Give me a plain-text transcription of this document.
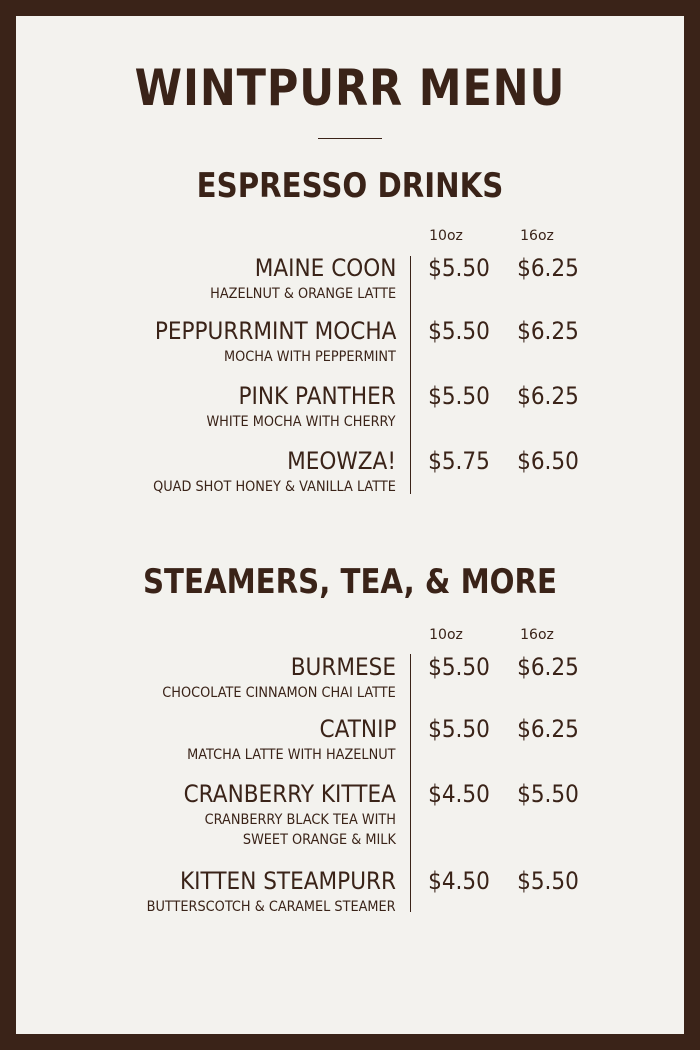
WINTPURR MENU
ESPRESSO DRINKS
10oz	16oz
MAINE COON
HAZELNUT & ORANGE LATTE
$5.50 $6.25
PEPPURRMINT MOCHA
MOCHA WITH PEPPERMINT
$5.50 $6.25
PINK PANTHER
WHITE MOCHA WITH CHERRY
$5.50 $6.25
MEOWZA!
QUAD SHOT HONEY & VANILLA LATTE
$5.75 $6.50
STEAMERS, TEA, & MORE
10oz	16oz
BURMESE
CHOCOLATE CINNAMON CHAI LATTE
$5.50 $6.25
CATNIP
MATCHA LATTE WITH HAZELNUT
$5.50 $6.25
CRANBERRY KITTEA
CRANBERRY BLACK TEA WITH
SWEET ORANGE & MILK
$4.50 $5.50
KITTEN STEAMPURR
BUTTERSCOTCH & CARAMEL STEAMER
$4.50 $5.50
